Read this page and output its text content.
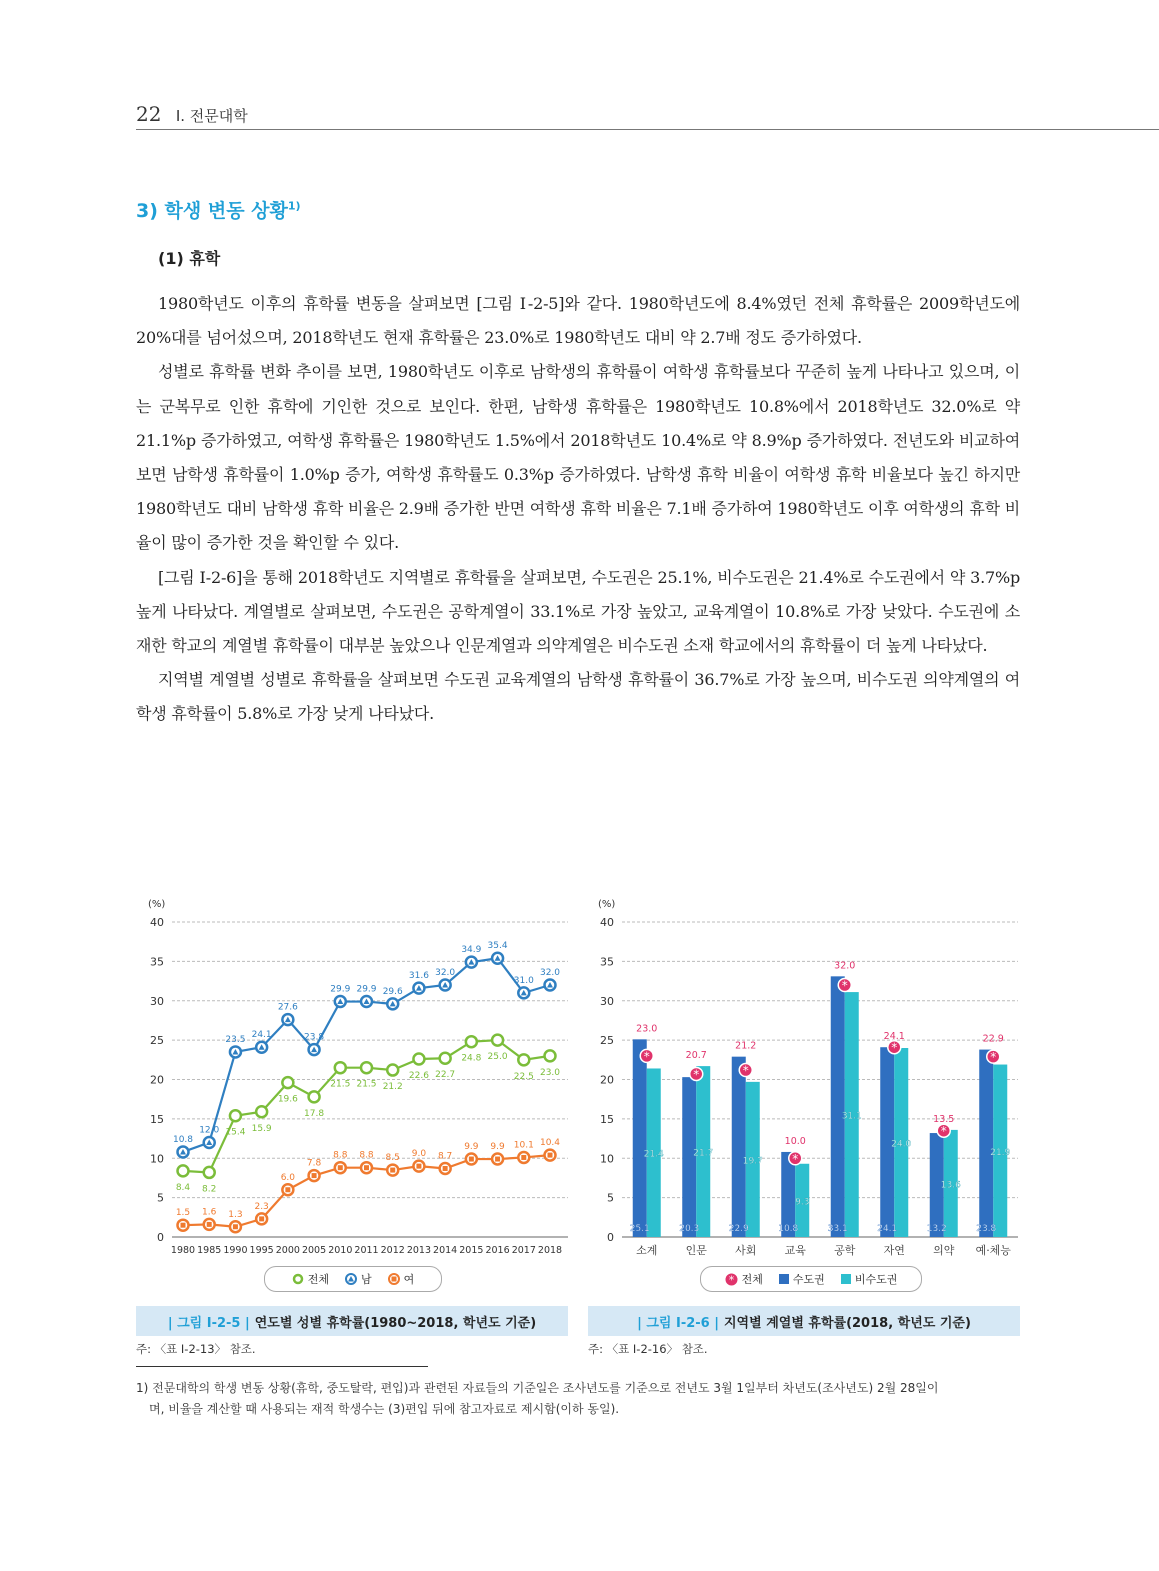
22 Ⅰ. 전문대학
3) 학생 변동 상황$^{1)}$
(1) 휴학

1980학년도 이후의 휴학률 변동을 살펴보면 [그림 Ⅰ-2-5]와 같다. 1980학년도에 8.4%였던 전체 휴학률은 2009학년도에 20%대를 넘어섰으며, 2018학년도 현재 휴학률은 23.0%로 1980학년도 대비 약 2.7배 정도 증가하였다.

성별로 휴학률 변화 추이를 보면, 1980학년도 이후로 남학생의 휴학률이 여학생 휴학률보다 꾸준히 높게 나타나고 있으며, 이는 군복무로 인한 휴학에 기인한 것으로 보인다. 한편, 남학생 휴학률은 1980학년도 10.8%에서 2018학년도 32.0%로 약 21.1%p 증가하였고, 여학생 휴학률은 1980학년도 1.5%에서 2018학년도 10.4%로 약 8.9%p 증가하였다. 전년도와 비교하여 보면 남학생 휴학률이 1.0%p 증가, 여학생 휴학률도 0.3%p 증가하였다. 남학생 휴학 비율이 여학생 휴학 비율보다 높긴 하지만 1980학년도 대비 남학생 휴학 비율은 2.9배 증가한 반면 여학생 휴학 비율은 7.1배 증가하여 1980학년도 이후 여학생의 휴학 비율이 많이 증가한 것을 확인할 수 있다.

[그림 Ⅰ-2-6]을 통해 2018학년도 지역별로 휴학률을 살펴보면, 수도권은 25.1%, 비수도권은 21.4%로 수도권에서 약 3.7%p 높게 나타났다. 계열별로 살펴보면, 수도권은 공학계열이 33.1%로 가장 높았고, 교육계열이 10.8%로 가장 낮았다. 수도권에 소재한 학교의 계열별 휴학률이 대부분 높았으나 인문계열과 의약계열은 비수도권 소재 학교에서의 휴학률이 더 높게 나타났다.

지역별 계열별 성별로 휴학률을 살펴보면 수도권 교육계열의 남학생 휴학률이 36.7%로 가장 높으며, 비수도권 의약계열의 여학생 휴학률이 5.8%로 가장 낮게 나타났다.

(%)
0
5
10
15
20
25
30
35
40
1980 1985 1990 1995 2000 2005 2010 2011 2012 2013 2014 2015 2016 2017 2018
10.8
12.0
23.5 24.1
27.6
23.8
29.9 29.9 29.6
31.6 32.0
34.9 35.4
31.0
32.0
8.4 8.2
15.4 15.9
19.6
17.8
21.5 21.5 21.2
22.6 22.7
24.8 25.0
22.5 23.0
1.5 1.6 1.3
2.3
6.0
7.8
8.8 8.8 8.5 9.0 8.7
9.9 9.9 10.1 10.4
전체	남	여
(%)
0
5
10
15
20
25
30
35
40
25.1
21.4
*
23.0
소계
20.3
21.7
*
20.7
인문
22.9
19.7
*
21.2
사회
10.8
9.3
*
10.0
교육
33.1
31.1
*
32.0
공학
24.1
24.0
*
24.1
자연
13.2
13.6
*
13.5
의약
23.8
21.9
*
22.9
예·체능
* 전체	수도권	비수도권
| 그림 Ⅰ-2-5 | 연도별 성별 휴학률(1980~2018, 학년도 기준)	| 그림 Ⅰ-2-6 | 지역별 계열별 휴학률(2018, 학년도 기준)
주: 〈표 Ⅰ-2-13〉 참조.	주: 〈표 Ⅰ-2-16〉 참조.
1) 전문대학의 학생 변동 상황(휴학, 중도탈락, 편입)과 관련된 자료들의 기준일은 조사년도를 기준으로 전년도 3월 1일부터 차년도(조사년도) 2월 28일이
며, 비율을 계산할 때 사용되는 재적 학생수는 (3)편입 뒤에 참고자료로 제시함(이하 동일).
